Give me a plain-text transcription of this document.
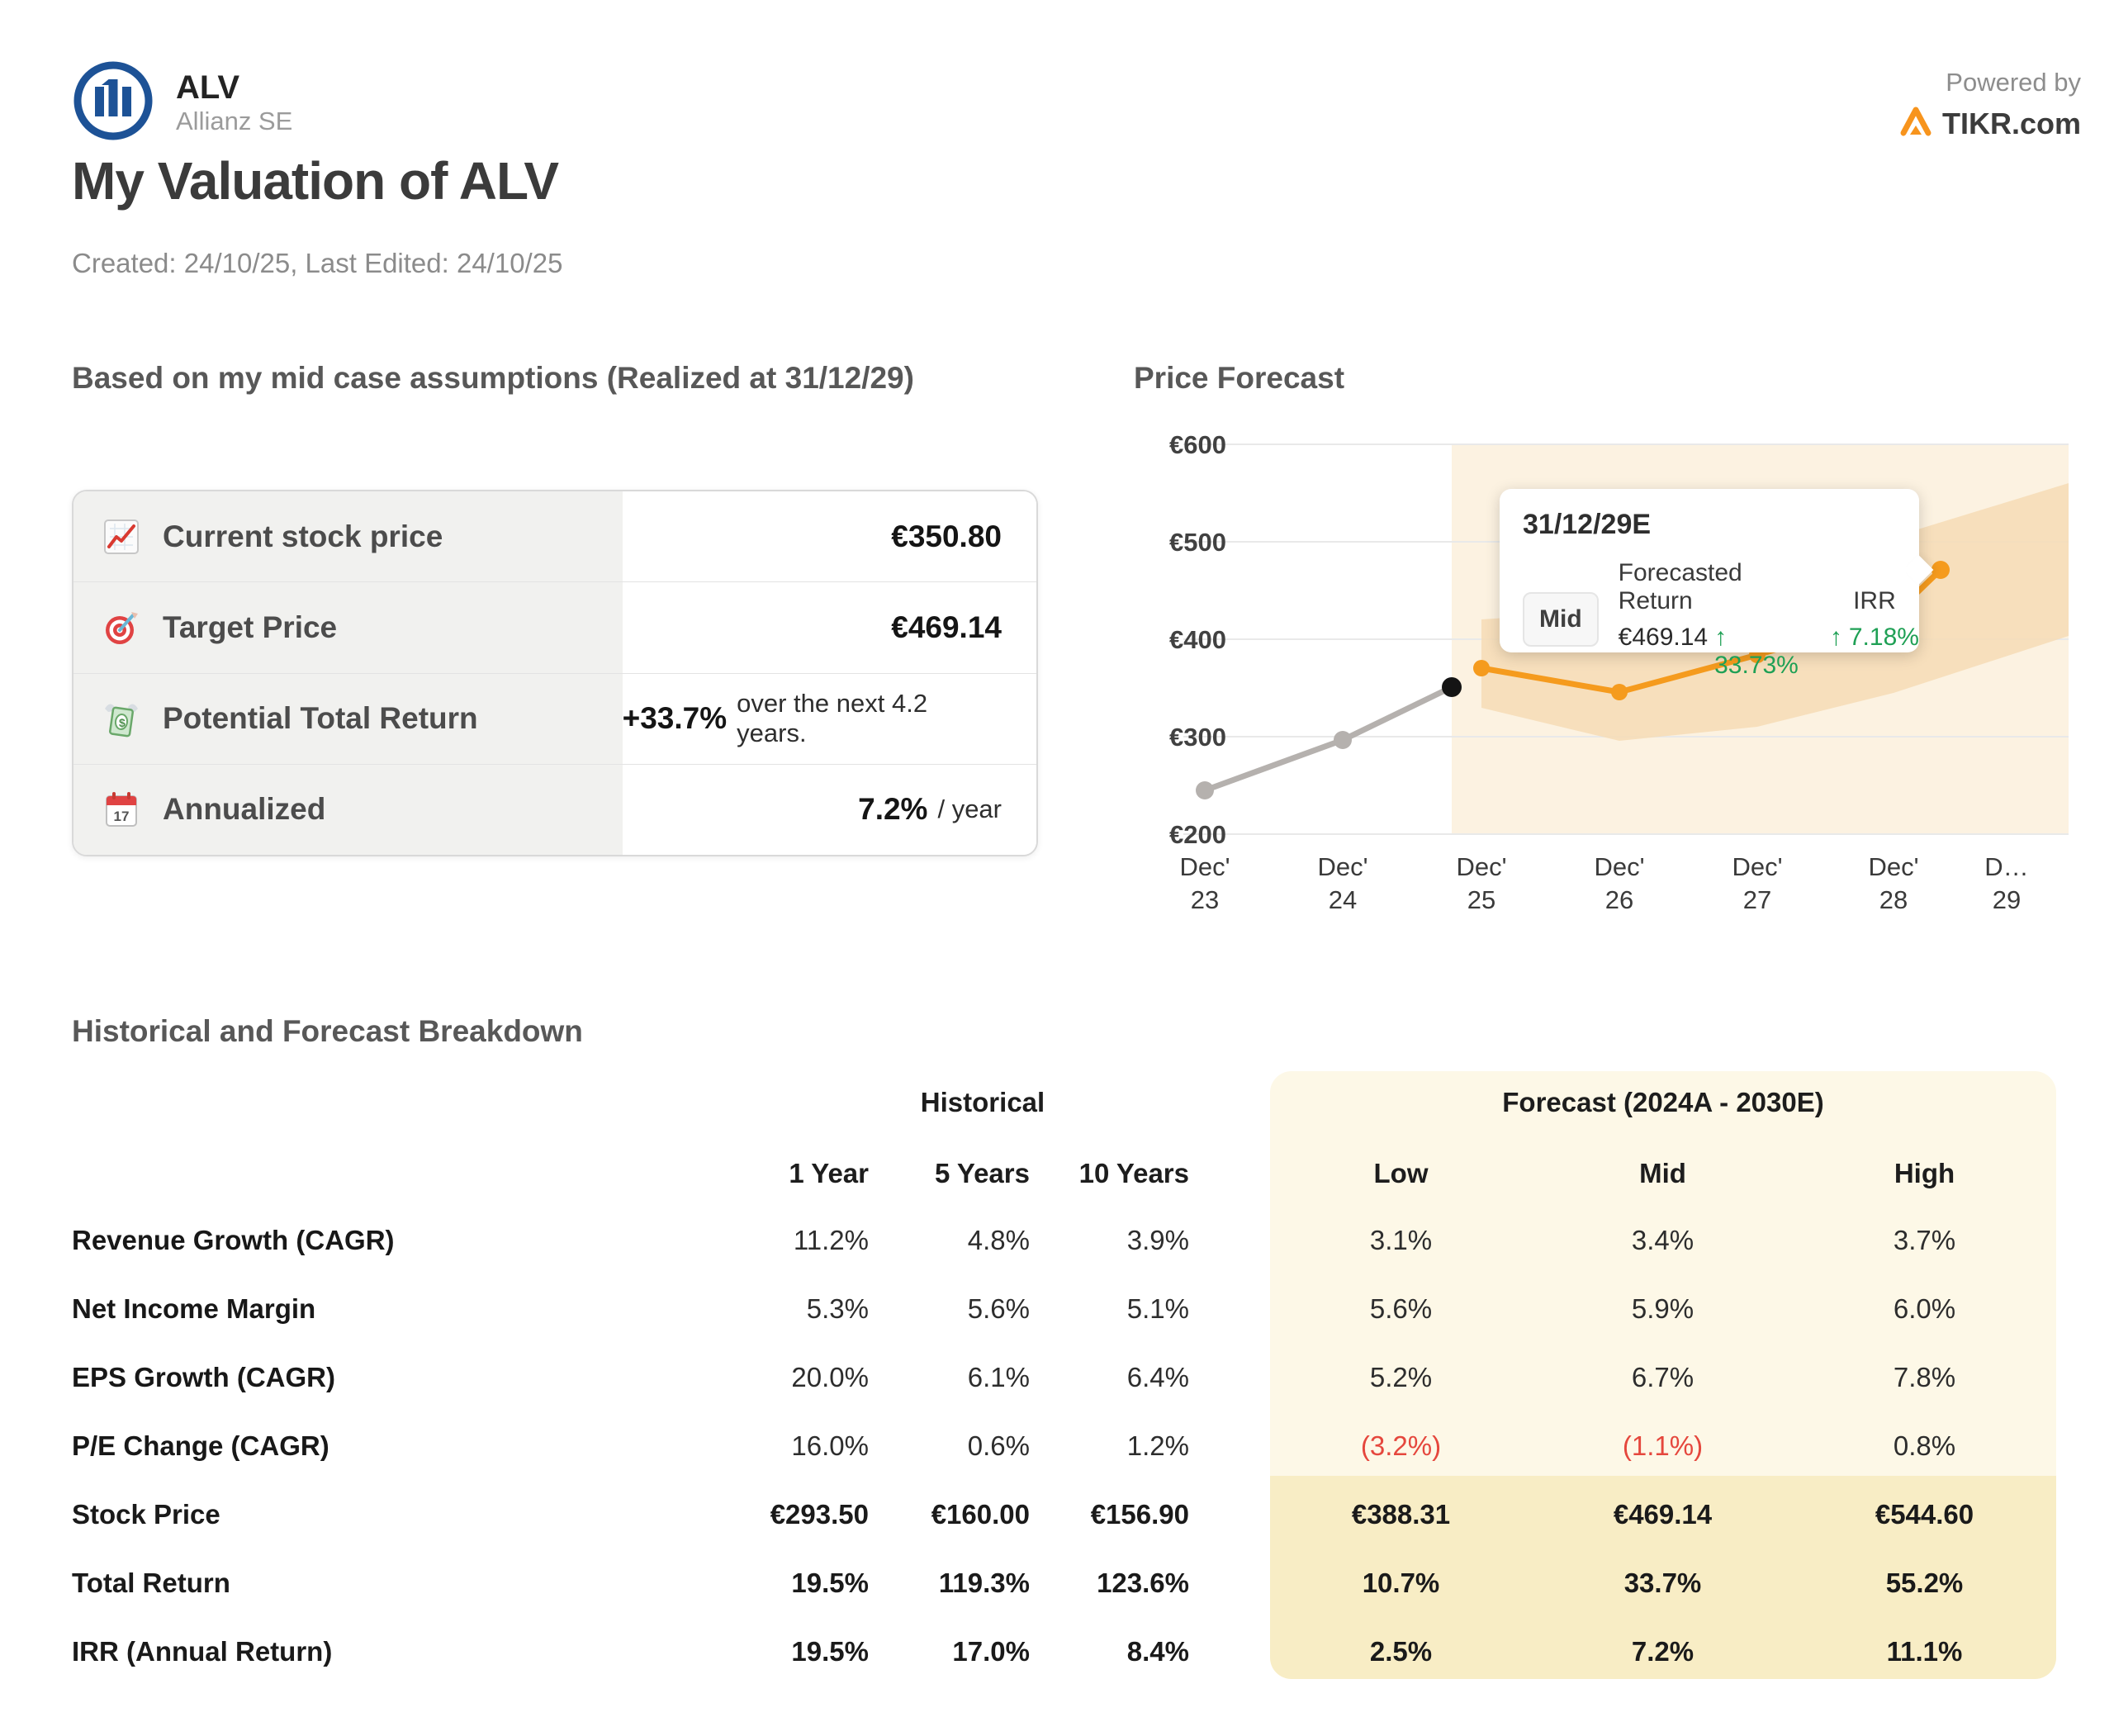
ALV
Allianz SE
Powered by
TIKR.com
My Valuation of ALV
Created: 24/10/25, Last Edited: 24/10/25
Based on my mid case assumptions (Realized at 31/12/29)
Current stock price	€350.80
Target Price	€469.14
$ Potential Total Return	+33.7% over the next 4.2 years.
17 Annualized	7.2% / year
Price Forecast
€600
€500
€400
€300
€200
Dec'
23
Dec'
24
Dec'
25
Dec'
26
Dec'
27
Dec'
28
D…
29
31/12/29E
Mid
Forecasted Return
€469.14 ↑ 33.73%
IRR
↑ 7.18%
Historical and Forecast Breakdown
Historical	Forecast (2024A - 2030E)
1 Year	5 Years	10 Years	Low	Mid	High
Revenue Growth (CAGR)	11.2%	4.8%	3.9%	3.1%	3.4%	3.7%
Net Income Margin	5.3%	5.6%	5.1%	5.6%	5.9%	6.0%
EPS Growth (CAGR)	20.0%	6.1%	6.4%	5.2%	6.7%	7.8%
P/E Change (CAGR)	16.0%	0.6%	1.2%	(3.2%)	(1.1%)	0.8%
Stock Price	€293.50	€160.00	€156.90	€388.31	€469.14	€544.60
Total Return	19.5%	119.3%	123.6%	10.7%	33.7%	55.2%
IRR (Annual Return)	19.5%	17.0%	8.4%	2.5%	7.2%	11.1%
